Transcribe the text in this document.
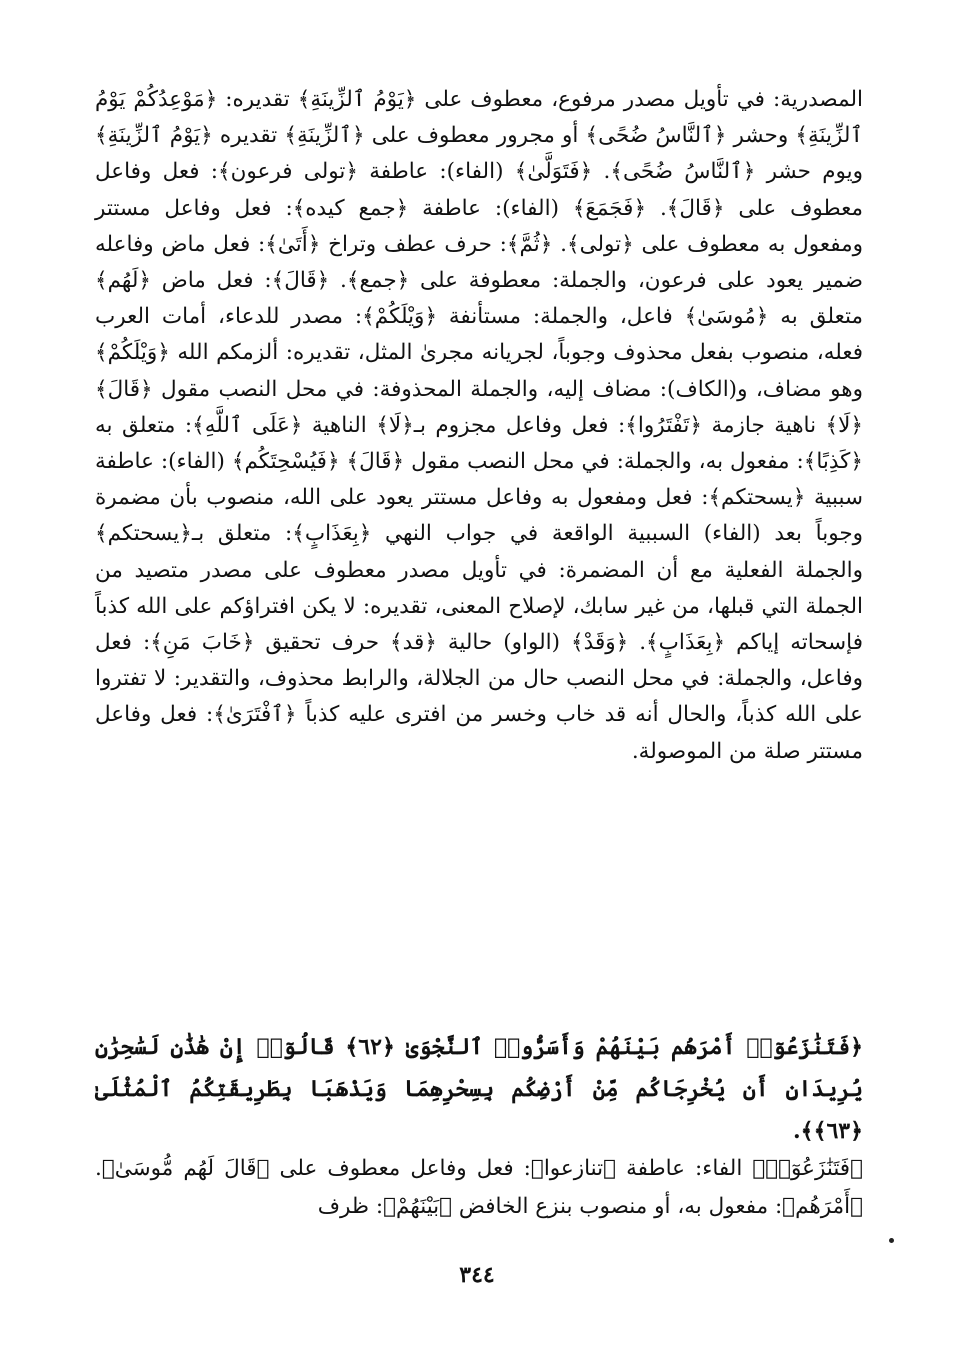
المصدرية: في تأويل مصدر مرفوع، معطوف على ﴿يَوْمُ ٱلزِّينَةِ﴾ تقديره: ﴿مَوْعِدُكُمْ يَوْمُ ٱلزِّينَةِ﴾ وحشر ﴿ٱلنَّاسُ ضُحًى﴾ أو مجرور معطوف على ﴿ٱلزِّينَةِ﴾ تقديره ﴿يَوْمُ ٱلزِّينَةِ﴾ ويوم حشر ﴿ٱلنَّاسُ ضُحًى﴾. ﴿فَتَوَلَّىٰ﴾ (الفاء): عاطفة ﴿تولى فرعون﴾: فعل وفاعل معطوف على ﴿قَالَ﴾. ﴿فَجَمَعَ﴾ (الفاء): عاطفة ﴿جمع كيده﴾: فعل وفاعل مستتر ومفعول به معطوف على ﴿تولى﴾. ﴿ثُمَّ﴾: حرف عطف وتراخ ﴿أَتَىٰ﴾: فعل ماض وفاعله ضمير يعود على فرعون، والجملة: معطوفة على ﴿جمع﴾. ﴿قَالَ﴾: فعل ماض ﴿لَهُم﴾ متعلق به ﴿مُوسَىٰ﴾ فاعل، والجملة: مستأنفة ﴿وَيْلَكُمْ﴾: مصدر للدعاء، أمات العرب فعله، منصوب بفعل محذوف وجوباً، لجريانه مجرىٰ المثل، تقديره: ألزمكم الله ﴿وَيْلَكُمْ﴾ وهو مضاف، و(الكاف): مضاف إليه، والجملة المحذوفة: في محل النصب مقول ﴿قَالَ﴾ ﴿لَا﴾ ناهية جازمة ﴿تَفْتَرُوا﴾: فعل وفاعل مجزوم بـ﴿لَا﴾ الناهية ﴿عَلَى ٱللَّهِ﴾: متعلق به ﴿كَذِبًا﴾: مفعول به، والجملة: في محل النصب مقول ﴿قَالَ﴾ ﴿فَيُسْحِتَكُم﴾ (الفاء): عاطفة سببية ﴿يسحتكم﴾: فعل ومفعول به وفاعل مستتر يعود على الله، منصوب بأن مضمرة وجوباً بعد (الفاء) السببية الواقعة في جواب النهي ﴿بِعَذَابٍ﴾: متعلق بـ﴿يسحتكم﴾ والجملة الفعلية مع أن المضمرة: في تأويل مصدر معطوف على مصدر متصيد من الجملة التي قبلها، من غير سابك، لإصلاح المعنى، تقديره: لا يكن افتراؤكم على الله كذباً فإسحاته إياكم ﴿بِعَذَابٍ﴾. ﴿وَقَدْ﴾ (الواو) حالية ﴿قد﴾ حرف تحقيق ﴿خَابَ مَنِ﴾: فعل وفاعل، والجملة: في محل النصب حال من الجلالة، والرابط محذوف، والتقدير: لا تفتروا على الله كذباً، والحال أنه قد خاب وخسر من افترى عليه كذباً ﴿ٱفْتَرَىٰ﴾: فعل وفاعل مستتر صلة من الموصولة.

﴿فَتَنَٰزَعُوٓا۟ أَمْرَهُم بَيْنَهُمْ وَأَسَرُّوا۟ ٱلنَّجْوَىٰ ﴿٦٢﴾ قَالُوٓا۟ إِنْ هَٰذَٰنِ لَسَٰحِرَٰنِ يُرِيدَانِ أَن يُخْرِجَاكُم مِّنْ أَرْضِكُم بِسِحْرِهِمَا وَيَذْهَبَا بِطَرِيقَتِكُمُ ٱلْمُثْلَىٰ ﴿٦٣﴾﴾.

﴿فَتَنَٰزَعُوٓا۟﴾ الفاء: عاطفة ﴿تنازعوا﴾: فعل وفاعل معطوف على ﴿قَالَ لَهُم مُّوسَىٰ﴾. ﴿أَمْرَهُم﴾: مفعول به، أو منصوب بنزع الخافض ﴿بَيْنَهُمْ﴾: ظرف

٣٤٤
